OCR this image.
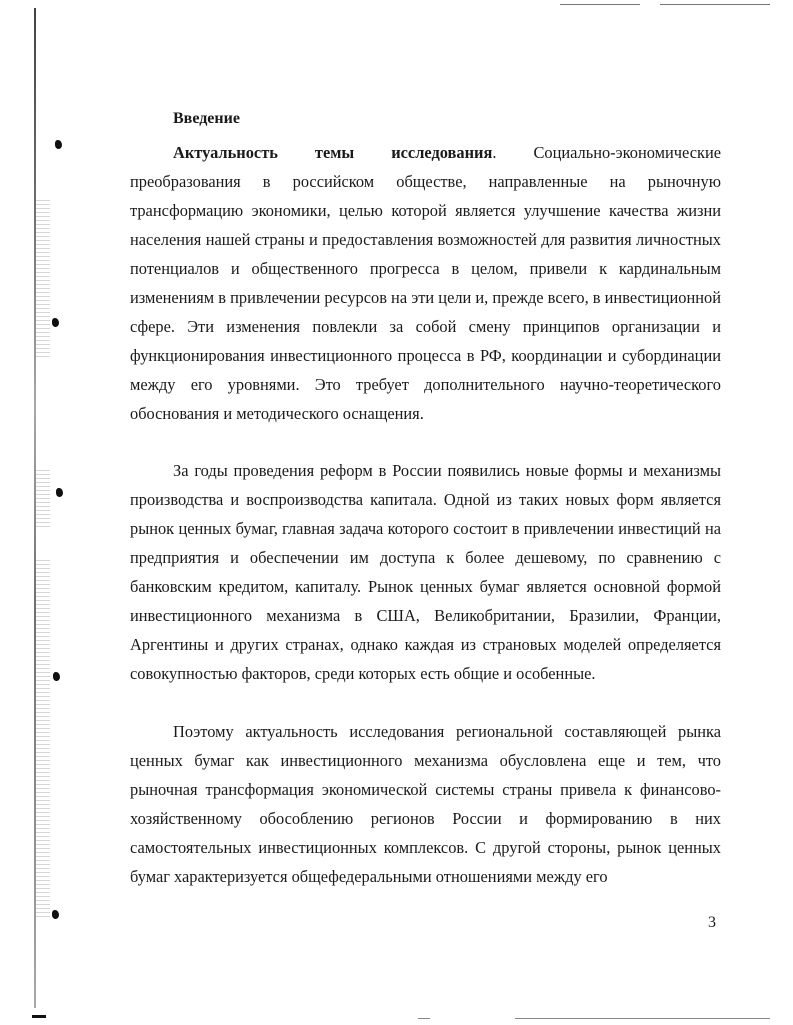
Введение

Актуальность темы исследования. Социально-экономические преобразования в российском обществе, направленные на рыночную трансформацию экономики, целью которой является улучшение качества жизни населения нашей страны и предоставления возможностей для развития личностных потенциалов и общественного прогресса в целом, привели к кардинальным изменениям в привлечении ресурсов на эти цели и, прежде всего, в инвестиционной сфере. Эти изменения повлекли за собой смену принципов организации и функционирования инвестиционного процесса в РФ, координации и субординации между его уровнями. Это требует дополнительного научно-теоретического обоснования и методического оснащения.

За годы проведения реформ в России появились новые формы и механизмы производства и воспроизводства капитала. Одной из таких новых форм является рынок ценных бумаг, главная задача которого состоит в привлечении инвестиций на предприятия и обеспечении им доступа к более дешевому, по сравнению с банковским кредитом, капиталу. Рынок ценных бумаг является основной формой инвестиционного механизма в США, Великобритании, Бразилии, Франции, Аргентины и других странах, однако каждая из страновых моделей определяется совокупностью факторов, среди которых есть общие и особенные.

Поэтому актуальность исследования региональной составляющей рынка ценных бумаг как инвестиционного механизма обусловлена еще и тем, что рыночная трансформация экономической системы страны привела к финансово-хозяйственному обособлению регионов России и формированию в них самостоятельных инвестиционных комплексов. С другой стороны, рынок ценных бумаг характеризуется общефедеральными отношениями между его

3
